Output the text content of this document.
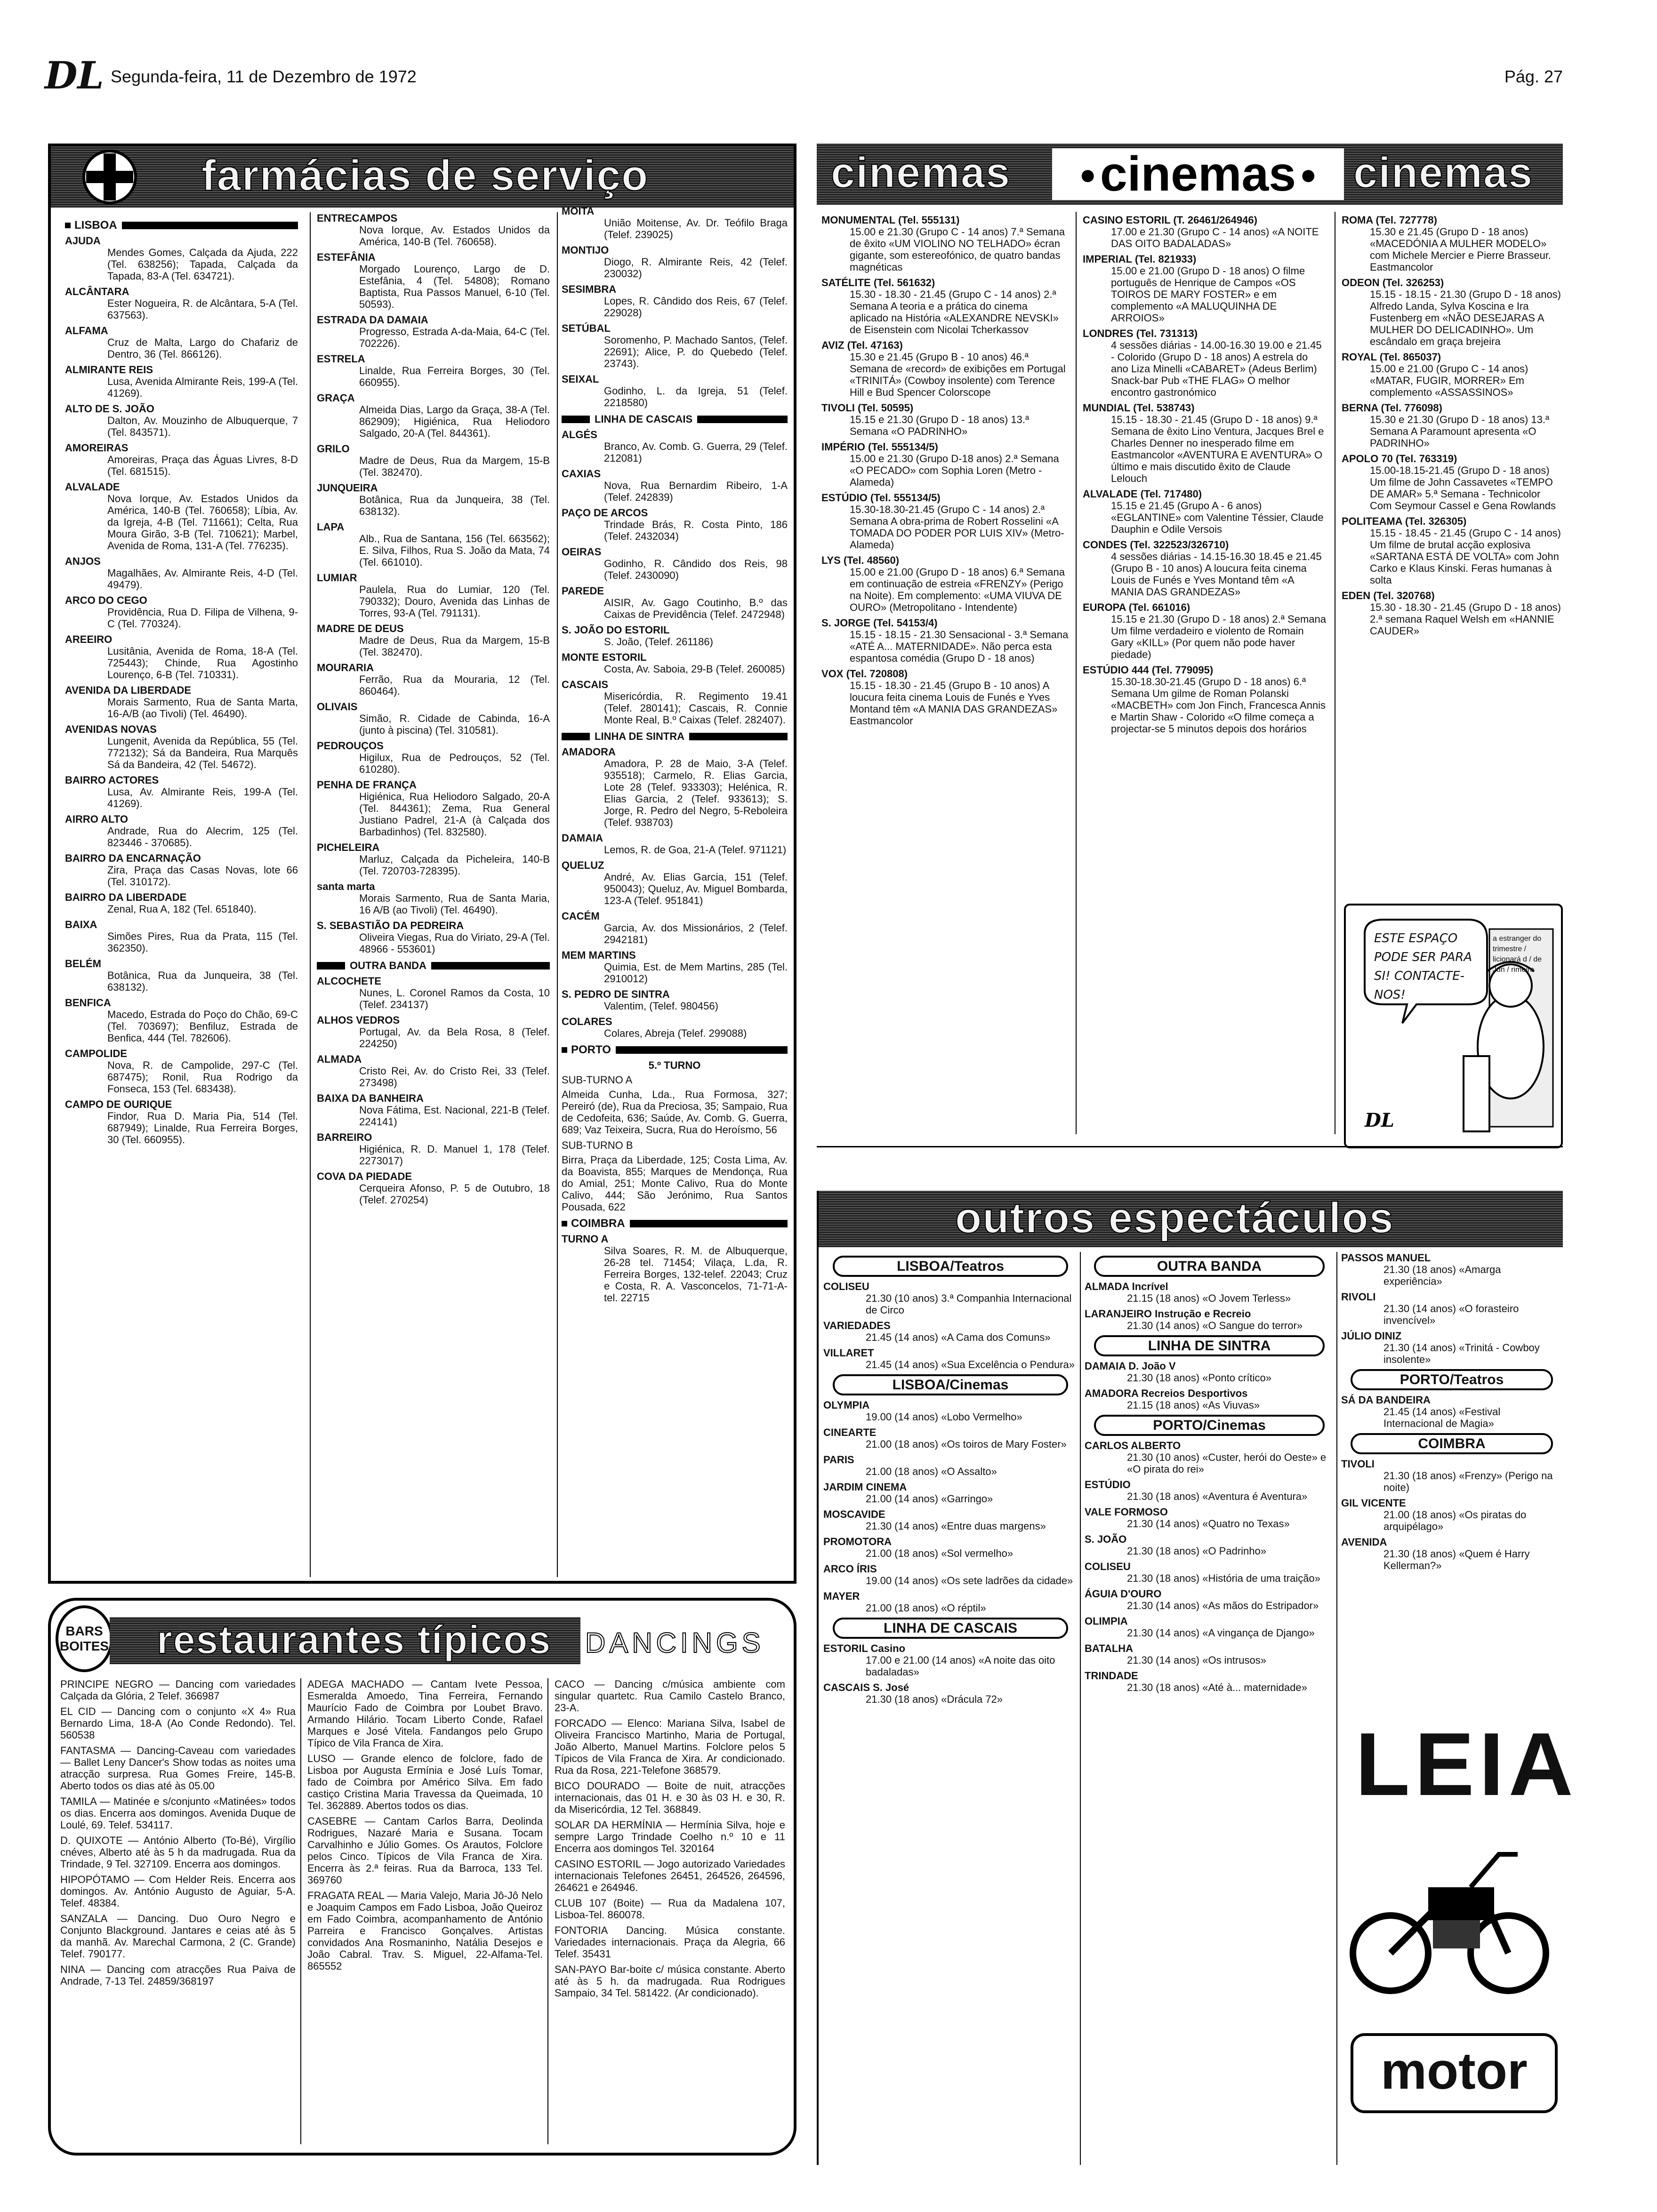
DL Segunda-feira, 11 de Dezembro de 1972	Pág. 27
farmácias de serviço
LISBOA

AJUDA
Mendes Gomes, Calçada da Ajuda, 222 (Tel. 638256); Tapada, Calçada da Tapada, 83-A (Tel. 634721).

ALCÂNTARA
Ester Nogueira, R. de Alcântara, 5-A (Tel. 637563).

ALFAMA
Cruz de Malta, Largo do Chafariz de Dentro, 36 (Tel. 866126).

ALMIRANTE REIS
Lusa, Avenida Almirante Reis, 199-A (Tel. 41269).

ALTO DE S. JOÃO
Dalton, Av. Mouzinho de Albuquerque, 7 (Tel. 843571).

AMOREIRAS
Amoreiras, Praça das Águas Livres, 8-D (Tel. 681515).

ALVALADE
Nova Iorque, Av. Estados Unidos da América, 140-B (Tel. 760658); Líbia, Av. da Igreja, 4-B (Tel. 711661); Celta, Rua Moura Girão, 3-B (Tel. 710621); Marbel, Avenida de Roma, 131-A (Tel. 776235).

ANJOS
Magalhães, Av. Almirante Reis, 4-D (Tel. 49479).

ARCO DO CEGO
Providência, Rua D. Filipa de Vilhena, 9-C (Tel. 770324).

AREEIRO
Lusitânia, Avenida de Roma, 18-A (Tel. 725443); Chinde, Rua Agostinho Lourenço, 6-B (Tel. 710331).

AVENIDA DA LIBERDADE
Morais Sarmento, Rua de Santa Marta, 16-A/B (ao Tivoli) (Tel. 46490).

AVENIDAS NOVAS
Lungenit, Avenida da República, 55 (Tel. 772132); Sá da Bandeira, Rua Marquês Sá da Bandeira, 42 (Tel. 54672).

BAIRRO ACTORES
Lusa, Av. Almirante Reis, 199-A (Tel. 41269).

AIRRO ALTO
Andrade, Rua do Alecrim, 125 (Tel. 823446 - 370685).

BAIRRO DA ENCARNAÇÃO
Zira, Praça das Casas Novas, lote 66 (Tel. 310172).

BAIRRO DA LIBERDADE
Zenal, Rua A, 182 (Tel. 651840).

BAIXA
Simões Pires, Rua da Prata, 115 (Tel. 362350).

BELÉM
Botânica, Rua da Junqueira, 38 (Tel. 638132).

BENFICA
Macedo, Estrada do Poço do Chão, 69-C (Tel. 703697); Benfiluz, Estrada de Benfica, 444 (Tel. 782606).

CAMPOLIDE
Nova, R. de Campolide, 297-C (Tel. 687475); Ronil, Rua Rodrigo da Fonseca, 153 (Tel. 683438).

CAMPO DE OURIQUE
Findor, Rua D. Maria Pia, 514 (Tel. 687949); Linalde, Rua Ferreira Borges, 30 (Tel. 660955).

ENTRECAMPOS
Nova Iorque, Av. Estados Unidos da América, 140-B (Tel. 760658).

ESTEFÂNIA
Morgado Lourenço, Largo de D. Estefânia, 4 (Tel. 54808); Romano Baptista, Rua Passos Manuel, 6-10 (Tel. 50593).

ESTRADA DA DAMAIA
Progresso, Estrada A-da-Maia, 64-C (Tel. 702226).

ESTRELA
Linalde, Rua Ferreira Borges, 30 (Tel. 660955).

GRAÇA
Almeida Dias, Largo da Graça, 38-A (Tel. 862909); Higiénica, Rua Heliodoro Salgado, 20-A (Tel. 844361).

GRILO
Madre de Deus, Rua da Margem, 15-B (Tel. 382470).

JUNQUEIRA
Botânica, Rua da Junqueira, 38 (Tel. 638132).

LAPA
Alb., Rua de Santana, 156 (Tel. 663562); E. Silva, Filhos, Rua S. João da Mata, 74 (Tel. 661010).

LUMIAR
Paulela, Rua do Lumiar, 120 (Tel. 790332); Douro, Avenida das Linhas de Torres, 93-A (Tel. 791131).

MADRE DE DEUS
Madre de Deus, Rua da Margem, 15-B (Tel. 382470).

MOURARIA
Ferrão, Rua da Mouraria, 12 (Tel. 860464).

OLIVAIS
Simão, R. Cidade de Cabinda, 16-A (junto à piscina) (Tel. 310581).

PEDROUÇOS
Higilux, Rua de Pedrouços, 52 (Tel. 610280).

PENHA DE FRANÇA
Higiénica, Rua Heliodoro Salgado, 20-A (Tel. 844361); Zema, Rua General Justiano Padrel, 21-A (à Calçada dos Barbadinhos) (Tel. 832580).

PICHELEIRA
Marluz, Calçada da Picheleira, 140-B (Tel. 720703-728395).

santa marta
Morais Sarmento, Rua de Santa Maria, 16 A/B (ao Tivoli) (Tel. 46490).

S. SEBASTIÃO DA PEDREIRA
Oliveira Viegas, Rua do Viriato, 29-A (Tel. 48966 - 553601)

OUTRA BANDA

ALCOCHETE
Nunes, L. Coronel Ramos da Costa, 10 (Telef. 234137)

ALHOS VEDROS
Portugal, Av. da Bela Rosa, 8 (Telef. 224250)

ALMADA
Cristo Rei, Av. do Cristo Rei, 33 (Telef. 273498)

BAIXA DA BANHEIRA
Nova Fátima, Est. Nacional, 221-B (Telef. 224141)

BARREIRO
Higiénica, R. D. Manuel 1, 178 (Telef. 2273017)

COVA DA PIEDADE
Cerqueira Afonso, P. 5 de Outubro, 18 (Telef. 270254)

MOITA
União Moitense, Av. Dr. Teófilo Braga (Telef. 239025)

MONTIJO
Diogo, R. Almirante Reis, 42 (Telef. 230032)

SESIMBRA
Lopes, R. Cândido dos Reis, 67 (Telef. 229028)

SETÚBAL
Soromenho, P. Machado Santos, (Telef. 22691); Alice, P. do Quebedo (Telef. 23743).

SEIXAL
Godinho, L. da Igreja, 51 (Telef. 2218580)

LINHA DE CASCAIS

ALGÉS
Branco, Av. Comb. G. Guerra, 29 (Telef. 212081)

CAXIAS
Nova, Rua Bernardim Ribeiro, 1-A (Telef. 242839)

PAÇO DE ARCOS
Trindade Brás, R. Costa Pinto, 186 (Telef. 2432034)

OEIRAS
Godinho, R. Cândido dos Reis, 98 (Telef. 2430090)

PAREDE
AISIR, Av. Gago Coutinho, B.º das Caixas de Previdência (Telef. 2472948)

S. JOÃO DO ESTORIL
S. João, (Telef. 261186)

MONTE ESTORIL
Costa, Av. Saboia, 29-B (Telef. 260085)

CASCAIS
Misericórdia, R. Regimento 19.41 (Telef. 280141); Cascais, R. Connie Monte Real, B.º Caixas (Telef. 282407).

LINHA DE SINTRA

AMADORA
Amadora, P. 28 de Maio, 3-A (Telef. 935518); Carmelo, R. Elias Garcia, Lote 28 (Telef. 933303); Helénica, R. Elias Garcia, 2 (Telef. 933613); S. Jorge, R. Pedro del Negro, 5-Reboleira (Telef. 938703)

DAMAIA
Lemos, R. de Goa, 21-A (Telef. 971121)

QUELUZ
André, Av. Elias Garcia, 151 (Telef. 950043); Queluz, Av. Miguel Bombarda, 123-A (Telef. 951841)

CACÉM
Garcia, Av. dos Missionários, 2 (Telef. 2942181)

MEM MARTINS
Quimia, Est. de Mem Martins, 285 (Tel. 2910012)

S. PEDRO DE SINTRA
Valentim, (Telef. 980456)

COLARES
Colares, Abreja (Telef. 299088)

PORTO
5.º TURNO
SUB-TURNO A

Almeida Cunha, Lda., Rua Formosa, 327; Pereiró (de), Rua da Preciosa, 35; Sampaio, Rua de Cedofeita, 636; Saúde, Av. Comb. G. Guerra, 689; Vaz Teixeira, Sucra, Rua do Heroísmo, 56

SUB-TURNO B

Birra, Praça da Liberdade, 125; Costa Lima, Av. da Boavista, 855; Marques de Mendonça, Rua do Amial, 251; Monte Calivo, Rua do Monte Calivo, 444; São Jerónimo, Rua Santos Pousada, 622

COIMBRA
TURNO A

Silva Soares, R. M. de Albuquerque, 26-28 tel. 71454; Vilaça, L.da, R. Ferreira Borges, 132-telef. 22043; Cruz e Costa, R. A. Vasconcelos, 71-71-A-tel. 22715

cinemas ● cinemas ● cinemas

MONUMENTAL (Tel. 555131)
15.00 e 21.30 (Grupo C - 14 anos) 7.ª Semana de êxito «UM VIOLINO NO TELHADO» écran gigante, som estereofónico, de quatro bandas magnéticas

SATÉLITE (Tel. 561632)
15.30 - 18.30 - 21.45 (Grupo C - 14 anos) 2.ª Semana A teoria e a prática do cinema aplicado na História «ALEXANDRE NEVSKI» de Eisenstein com Nicolai Tcherkassov

AVIZ (Tel. 47163)
15.30 e 21.45 (Grupo B - 10 anos) 46.ª Semana de «record» de exibições em Portugal «TRINITÁ» (Cowboy insolente) com Terence Hill e Bud Spencer Colorscope

TIVOLI (Tel. 50595)
15.15 e 21.30 (Grupo D - 18 anos) 13.ª Semana «O PADRINHO»

IMPÉRIO (Tel. 555134/5)
15.00 e 21.30 (Grupo D-18 anos) 2.ª Semana «O PECADO» com Sophia Loren (Metro - Alameda)

ESTÚDIO (Tel. 555134/5)
15.30-18.30-21.45 (Grupo C - 14 anos) 2.ª Semana A obra-prima de Robert Rosselini «A TOMADA DO PODER POR LUIS XIV» (Metro-Alameda)

LYS (Tel. 48560)
15.00 e 21.00 (Grupo D - 18 anos) 6.ª Semana em continuação de estreia «FRENZY» (Perigo na Noite). Em complemento: «UMA VIUVA DE OURO» (Metropolitano - Intendente)

S. JORGE (Tel. 54153/4)
15.15 - 18.15 - 21.30 Sensacional - 3.ª Semana «ATÉ A... MATERNIDADE». Não perca esta espantosa comédia (Grupo D - 18 anos)

VOX (Tel. 720808)
15.15 - 18.30 - 21.45 (Grupo B - 10 anos) A loucura feita cinema Louis de Funés e Yves Montand têm «A MANIA DAS GRANDEZAS» Eastmancolor

CASINO ESTORIL (T. 26461/264946)
17.00 e 21.30 (Grupo C - 14 anos) «A NOITE DAS OITO BADALADAS»

IMPERIAL (Tel. 821933)
15.00 e 21.00 (Grupo D - 18 anos) O filme português de Henrique de Campos «OS TOIROS DE MARY FOSTER» e em complemento «A MALUQUINHA DE ARROIOS»

LONDRES (Tel. 731313)
4 sessões diárias - 14.00-16.30 19.00 e 21.45 - Colorido (Grupo D - 18 anos) A estrela do ano Liza Minelli «CABARET» (Adeus Berlim) Snack-bar Pub «THE FLAG» O melhor encontro gastronómico

MUNDIAL (Tel. 538743)
15.15 - 18.30 - 21.45 (Grupo D - 18 anos) 9.ª Semana de êxito Lino Ventura, Jacques Brel e Charles Denner no inesperado filme em Eastmancolor «AVENTURA E AVENTURA» O último e mais discutido êxito de Claude Lelouch

ALVALADE (Tel. 717480)
15.15 e 21.45 (Grupo A - 6 anos) «EGLANTINE» com Valentine Téssier, Claude Dauphin e Odile Versois

CONDES (Tel. 322523/326710)
4 sessões diárias - 14.15-16.30 18.45 e 21.45 (Grupo B - 10 anos) A loucura feita cinema Louis de Funés e Yves Montand têm «A MANIA DAS GRANDEZAS»

EUROPA (Tel. 661016)
15.15 e 21.30 (Grupo D - 18 anos) 2.ª Semana Um filme verdadeiro e violento de Romain Gary «KILL» (Por quem não pode haver piedade)

ESTÚDIO 444 (Tel. 779095)
15.30-18.30-21.45 (Grupo D - 18 anos) 6.ª Semana Um gilme de Roman Polanski «MACBETH» com Jon Finch, Francesca Annis e Martin Shaw - Colorido «O filme começa a projectar-se 5 minutos depois dos horários

ROMA (Tel. 727778)
15.30 e 21.45 (Grupo D - 18 anos) «MACEDÓNIA A MULHER MODELO» com Michele Mercier e Pierre Brasseur. Eastmancolor

ODEON (Tel. 326253)
15.15 - 18.15 - 21.30 (Grupo D - 18 anos) Alfredo Landa, Sylva Koscina e Ira Fustenberg em «NÃO DESEJARAS A MULHER DO DELICADINHO». Um escândalo em graça brejeira

ROYAL (Tel. 865037)
15.00 e 21.00 (Grupo C - 14 anos) «MATAR, FUGIR, MORRER» Em complemento «ASSASSINOS»

BERNA (Tel. 776098)
15.30 e 21.30 (Grupo D - 18 anos) 13.ª Semana A Paramount apresenta «O PADRINHO»

APOLO 70 (Tel. 763319)
15.00-18.15-21.45 (Grupo D - 18 anos) Um filme de John Cassavetes «TEMPO DE AMAR» 5.ª Semana - Technicolor Com Seymour Cassel e Gena Rowlands

POLITEAMA (Tel. 326305)
15.15 - 18.45 - 21.45 (Grupo C - 14 anos) Um filme de brutal acção explosiva «SARTANA ESTÁ DE VOLTA» com John Carko e Klaus Kinski. Feras humanas à solta

EDEN (Tel. 320768)
15.30 - 18.30 - 21.45 (Grupo D - 18 anos) 2.ª semana Raquel Welsh em «HANNIE CAUDER»

DL
ESTE ESPAÇO PODE SER PARA SI! CONTACTE-NOS!
a estranger do trimestre / licionará d / de Jun / rimeiro
outros espectáculos
LISBOA/Teatros

COLISEU
21.30 (10 anos) 3.ª Companhia Internacional de Circo

VARIEDADES
21.45 (14 anos) «A Cama dos Comuns»

VILLARET
21.45 (14 anos) «Sua Excelência o Pendura»

LISBOA/Cinemas

OLYMPIA
19.00 (14 anos) «Lobo Vermelho»

CINEARTE
21.00 (18 anos) «Os toiros de Mary Foster»

PARIS
21.00 (18 anos) «O Assalto»

JARDIM CINEMA
21.00 (14 anos) «Garringo»

MOSCAVIDE
21.30 (14 anos) «Entre duas margens»

PROMOTORA
21.00 (18 anos) «Sol vermelho»

ARCO ÍRIS
19.00 (14 anos) «Os sete ladrões da cidade»

MAYER
21.00 (18 anos) «O réptil»

LINHA DE CASCAIS

ESTORIL Casino
17.00 e 21.00 (14 anos) «A noite das oito badaladas»

CASCAIS S. José
21.30 (18 anos) «Drácula 72»

OUTRA BANDA

ALMADA Incrível
21.15 (18 anos) «O Jovem Terless»

LARANJEIRO Instrução e Recreio
21.30 (14 anos) «O Sangue do terror»

LINHA DE SINTRA

DAMAIA D. João V
21.30 (18 anos) «Ponto crítico»

AMADORA Recreios Desportivos
21.15 (18 anos) «As Viuvas»

PORTO/Cinemas

CARLOS ALBERTO
21.30 (10 anos) «Custer, herói do Oeste» e «O pirata do rei»

ESTÚDIO
21.30 (18 anos) «Aventura é Aventura»

VALE FORMOSO
21.30 (14 anos) «Quatro no Texas»

S. JOÃO
21.30 (18 anos) «O Padrinho»

COLISEU
21.30 (18 anos) «História de uma traição»

ÁGUIA D'OURO
21.30 (14 anos) «As mãos do Estripador»

OLIMPIA
21.30 (14 anos) «A vingança de Django»

BATALHA
21.30 (14 anos) «Os intrusos»

TRINDADE
21.30 (18 anos) «Até à... maternidade»

PASSOS MANUEL
21.30 (18 anos) «Amarga experiência»

RIVOLI
21.30 (14 anos) «O forasteiro invencível»

JÚLIO DINIZ
21.30 (14 anos) «Trinitá - Cowboy insolente»

PORTO/Teatros

SÁ DA BANDEIRA
21.45 (14 anos) «Festival Internacional de Magia»

COIMBRA

TIVOLI
21.30 (18 anos) «Frenzy» (Perigo na noite)

GIL VICENTE
21.00 (18 anos) «Os piratas do arquipélago»

AVENIDA
21.30 (18 anos) «Quem é Harry Kellerman?»

LEIA
motor
BARS
BOITES restaurantes típicos DANCINGS

PRINCIPE NEGRO — Dancing com variedades Calçada da Glória, 2 Telef. 366987

EL CID — Dancing com o conjunto «X 4» Rua Bernardo Lima, 18-A (Ao Conde Redondo). Tel. 560538

FANTASMA — Dancing-Caveau com variedades — Ballet Leny Dancer's Show todas as noites uma atracção surpresa. Rua Gomes Freire, 145-B. Aberto todos os dias até às 05.00

TAMILA — Matinée e s/conjunto «Matinées» todos os dias. Encerra aos domingos. Avenida Duque de Loulé, 69. Telef. 534117.

D. QUIXOTE — António Alberto (To-Bé), Virgílio cnéves, Alberto até às 5 h da madrugada. Rua da Trindade, 9 Tel. 327109. Encerra aos domingos.

HIPOPÓTAMO — Com Helder Reis. Encerra aos domingos. Av. António Augusto de Aguiar, 5-A. Telef. 48384.

SANZALA — Dancing. Duo Ouro Negro e Conjunto Blackground. Jantares e ceias até às 5 da manhã. Av. Marechal Carmona, 2 (C. Grande) Telef. 790177.

NINA — Dancing com atracções Rua Paiva de Andrade, 7-13 Tel. 24859/368197

ADEGA MACHADO — Cantam Ivete Pessoa, Esmeralda Amoedo, Tina Ferreira, Fernando Maurício Fado de Coimbra por Loubet Bravo. Armando Hilário. Tocam Liberto Conde, Rafael Marques e José Vitela. Fandangos pelo Grupo Típico de Vila Franca de Xira.

LUSO — Grande elenco de folclore, fado de Lisboa por Augusta Ermínia e José Luís Tomar, fado de Coimbra por Américo Silva. Em fado castiço Cristina Maria Travessa da Queimada, 10 Tel. 362889. Abertos todos os dias.

CASEBRE — Cantam Carlos Barra, Deolinda Rodrigues, Nazaré Maria e Susana. Tocam Carvalhinho e Júlio Gomes. Os Arautos, Folclore pelos Cinco. Típicos de Vila Franca de Xira. Encerra às 2.ª feiras. Rua da Barroca, 133 Tel. 369760

FRAGATA REAL — Maria Valejo, Maria Jô-Jô Nelo e Joaquim Campos em Fado Lisboa, João Queiroz em Fado Coimbra, acompanhamento de António Parreira e Francisco Gonçalves. Artistas convidados Ana Rosmaninho, Natália Desejos e João Cabral. Trav. S. Miguel, 22-Alfama-Tel. 865552

CACO — Dancing c/música ambiente com singular quartetc. Rua Camilo Castelo Branco, 23-A.

FORCADO — Elenco: Mariana Silva, Isabel de Oliveira Francisco Martinho, Maria de Portugal, João Alberto, Manuel Martins. Folclore pelos 5 Típicos de Vila Franca de Xira. Ar condicionado. Rua da Rosa, 221-Telefone 368579.

BICO DOURADO — Boite de nuit, atracções internacionais, das 01 H. e 30 às 03 H. e 30, R. da Misericórdia, 12 Tel. 368849.

SOLAR DA HERMÍNIA — Hermínia Silva, hoje e sempre Largo Trindade Coelho n.º 10 e 11 Encerra aos domingos Tel. 320164

CASINO ESTORIL — Jogo autorizado Variedades internacionais Telefones 26451, 264526, 264596, 264621 e 264946.

CLUB 107 (Boite) — Rua da Madalena 107, Lisboa-Tel. 860078.

FONTORIA Dancing. Música constante. Variedades internacionais. Praça da Alegria, 66 Telef. 35431

SAN-PAYO Bar-boite c/ música constante. Aberto até às 5 h. da madrugada. Rua Rodrigues Sampaio, 34 Tel. 581422. (Ar condicionado).
